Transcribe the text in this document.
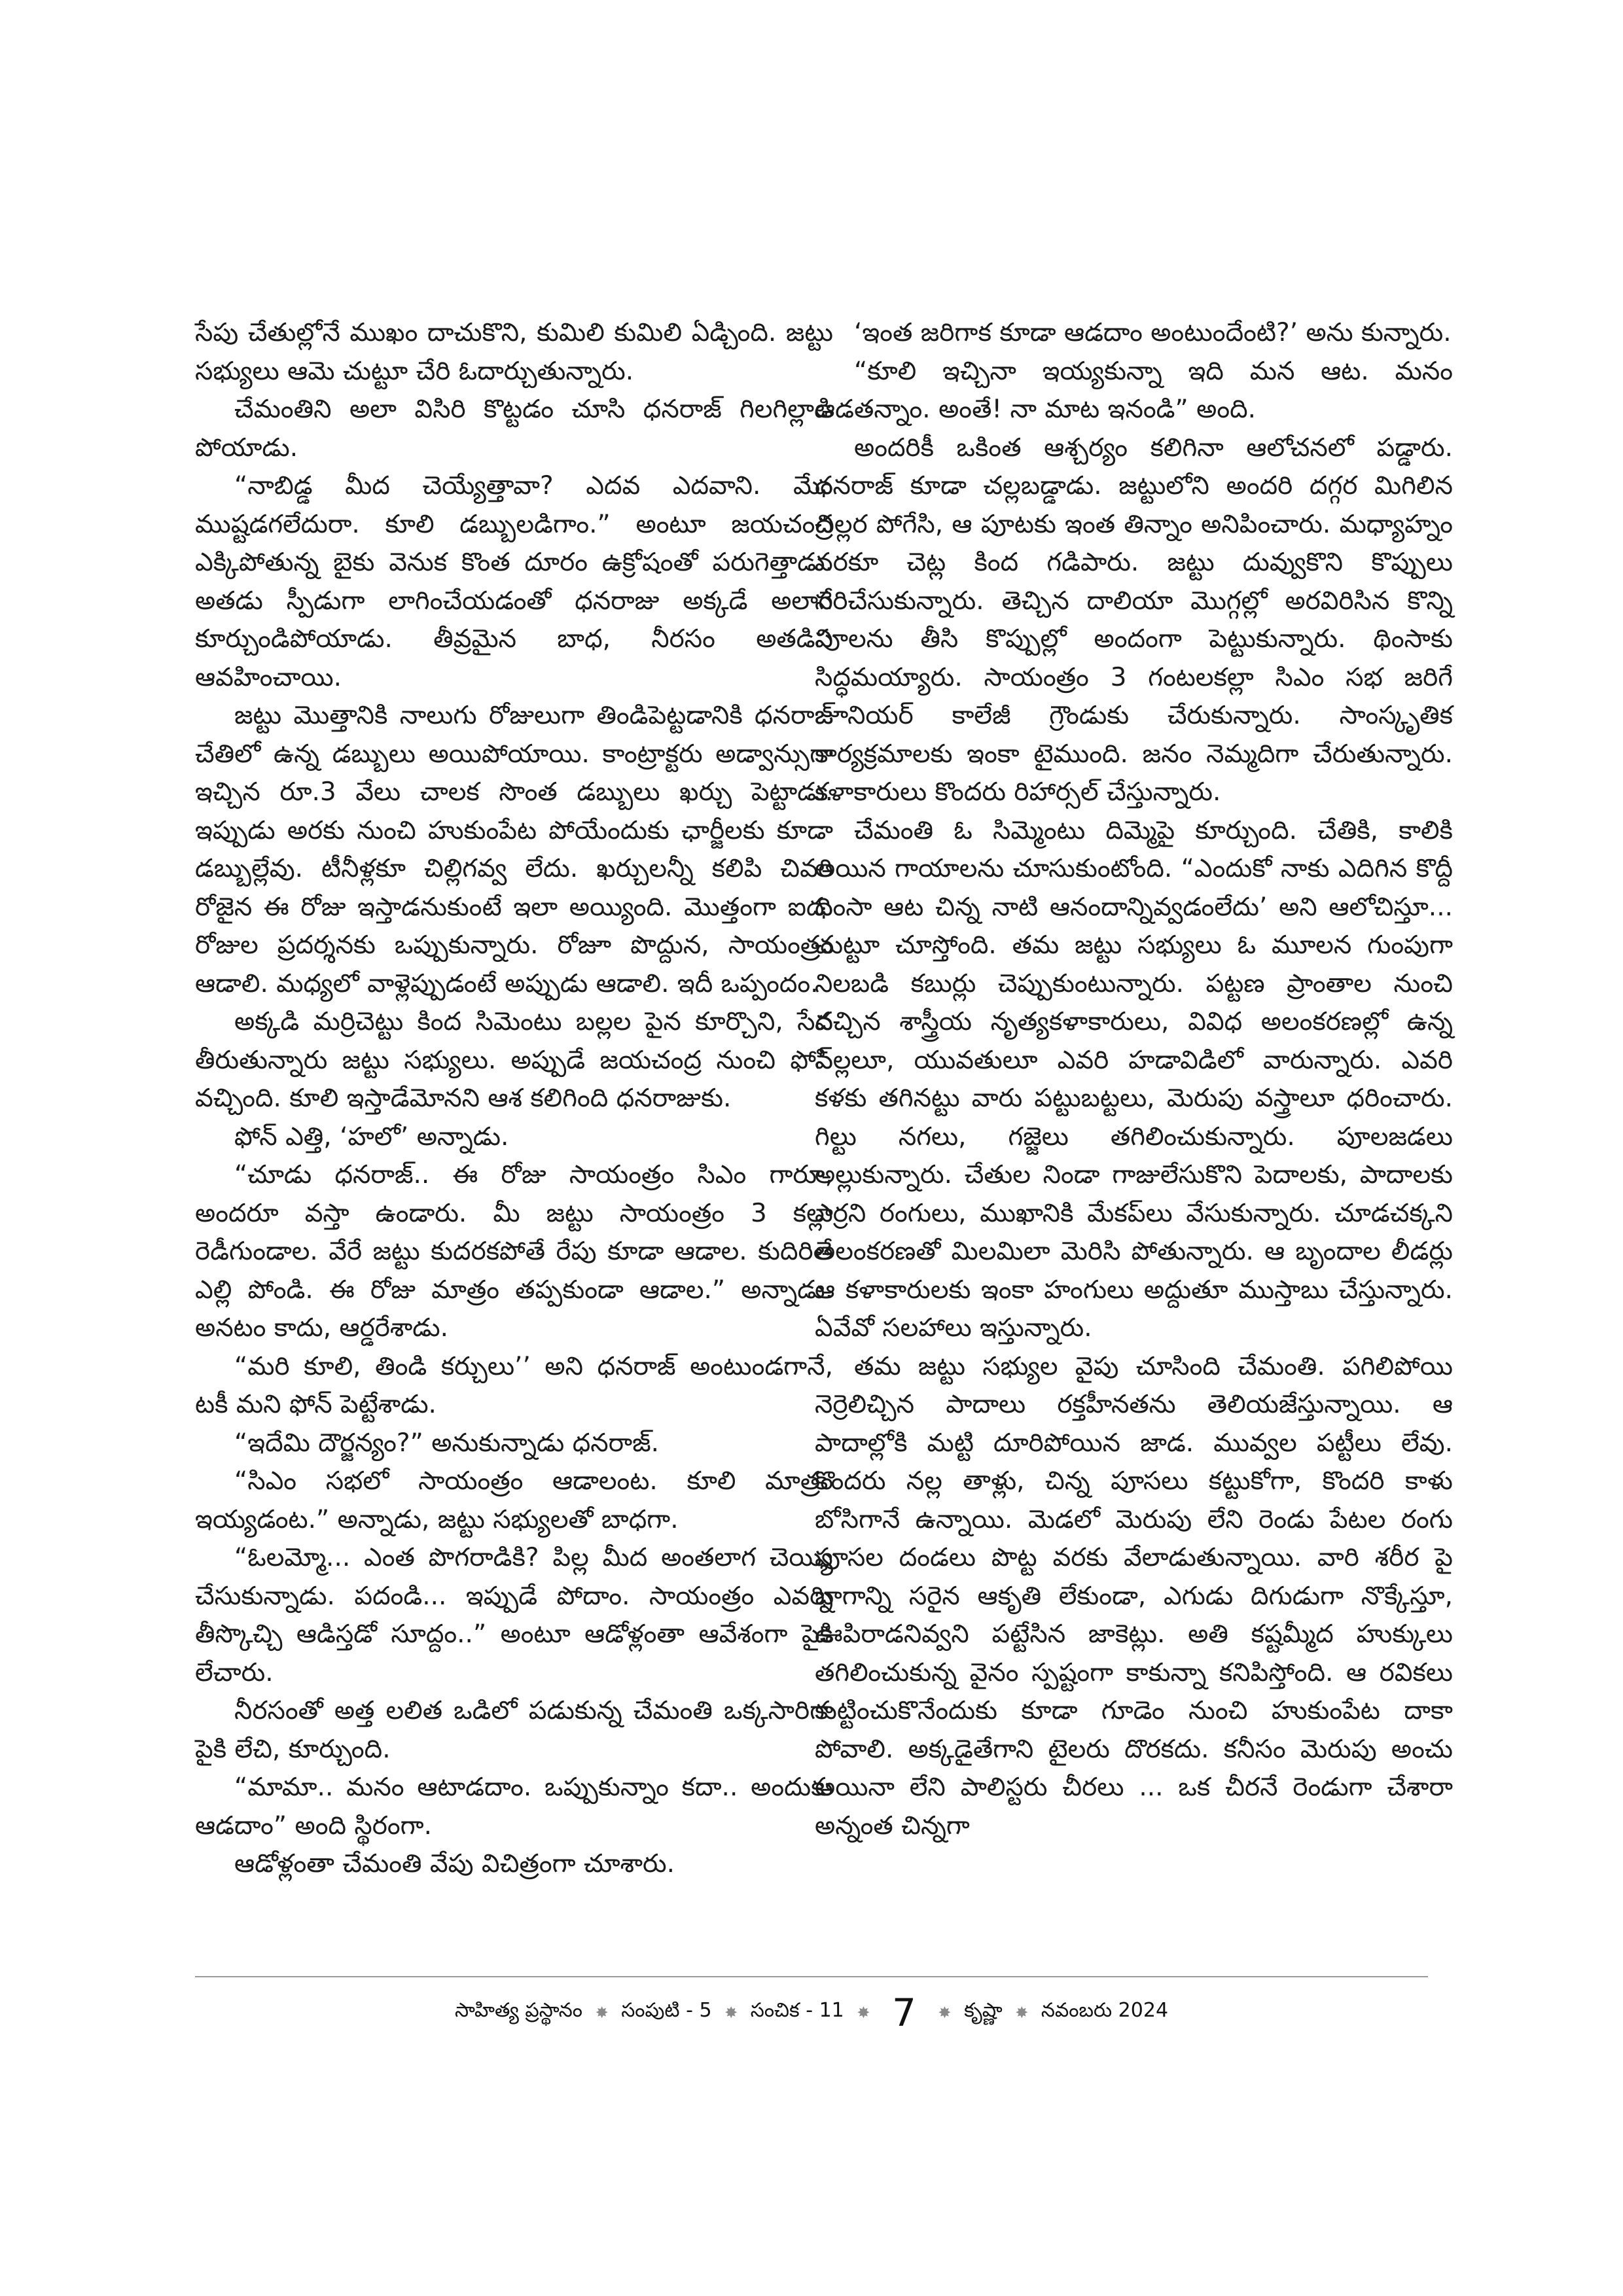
సేపు చేతుల్లోనే ముఖం దాచుకొని, కుమిలి కుమిలి ఏడ్చింది. జట్టు సభ్యులు ఆమె చుట్టూ చేరి ఓదార్చుతున్నారు.

చేమంతిని అలా విసిరి కొట్టడం చూసి ధనరాజ్ గిలగిల్లాడి పోయాడు.

“నాబిడ్డ మీద చెయ్యేత్తావా? ఎదవ ఎదవాని. మేం ముష్టడగలేదురా. కూలి డబ్బులడిగాం.” అంటూ జయచంద్ర ఎక్కిపోతున్న బైకు వెనుక కొంత దూరం ఉక్రోషంతో పరుగెత్తాడు. అతడు స్పీడుగా లాగించేయడంతో ధనరాజు అక్కడే అలాగే కూర్చుండిపోయాడు. తీవ్రమైన బాధ, నీరసం అతడిని ఆవహించాయి.

జట్టు మొత్తానికి నాలుగు రోజులుగా తిండిపెట్టడానికి ధనరాజ్ చేతిలో ఉన్న డబ్బులు అయిపోయాయి. కాంట్రాక్టరు అడ్వాన్సుగా ఇచ్చిన రూ.3 వేలు చాలక సొంత డబ్బులు ఖర్చు పెట్టాడు. ఇప్పుడు అరకు నుంచి హుకుంపేట పోయేందుకు ఛార్జీలకు కూడా డబ్బుల్లేవు. టీనీళ్లకూ చిల్లిగవ్వ లేదు. ఖర్చులన్నీ కలిపి చివరి రోజైన ఈ రోజు ఇస్తాడనుకుంటే ఇలా అయ్యింది. మొత్తంగా ఐదు రోజుల ప్రదర్శనకు ఒప్పుకున్నారు. రోజూ పొద్దున, సాయంత్రం ఆడాలి. మధ్యలో వాళ్లెప్పుడంటే అప్పుడు ఆడాలి. ఇదీ ఒప్పందం.

అక్కడి మర్రిచెట్టు కింద సిమెంటు బల్లల పైన కూర్చొని, సేద తీరుతున్నారు జట్టు సభ్యులు. అప్పుడే జయచంద్ర నుంచి ఫోన్ వచ్చింది. కూలి ఇస్తాడేమోనని ఆశ కలిగింది ధనరాజుకు.

ఫోన్ ఎత్తి, ‘హలో’ అన్నాడు.

“చూడు ధనరాజ్.. ఈ రోజు సాయంత్రం సిఎం గారూ, అందరూ వస్తా ఉండారు. మీ జట్టు సాయంత్రం 3 కల్లా రెడీగుండాల. వేరే జట్టు కుదరకపోతే రేపు కూడా ఆడాల. కుదిరితే ఎల్లి పోండి. ఈ రోజు మాత్రం తప్పకుండా ఆడాల.” అన్నాడు. అనటం కాదు, ఆర్డరేశాడు.

“మరి కూలి, తిండి కర్చులు’’ అని ధనరాజ్ అంటుండగానే, టకీ మని ఫోన్ పెట్టేశాడు.

“ఇదేమి దౌర్జన్యం?” అనుకున్నాడు ధనరాజ్.

“సిఎం సభలో సాయంత్రం ఆడాలంట. కూలి మాత్రం ఇయ్యడంట.” అన్నాడు, జట్టు సభ్యులతో బాధగా.

“ఓలమ్మో... ఎంత పొగరాడికి? పిల్ల మీద అంతలాగ చెయ్యి చేసుకున్నాడు. పదండి... ఇప్పుడే పోదాం. సాయంత్రం ఎవర్ని తీస్కొచ్చి ఆడిస్తడో సూద్దం..” అంటూ ఆడోళ్లంతా ఆవేశంగా పైకి లేచారు.

నీరసంతో అత్త లలిత ఒడిలో పడుకున్న చేమంతి ఒక్కసారిగా పైకి లేచి, కూర్చుంది.

“మామా.. మనం ఆటాడదాం. ఒప్పుకున్నాం కదా.. అందుకు ఆడదాం” అంది స్థిరంగా.

ఆడోళ్లంతా చేమంతి వేపు విచిత్రంగా చూశారు.

‘ఇంత జరిగాక కూడా ఆడదాం అంటుందేంటి?’ అను కున్నారు.

“కూలి ఇచ్చినా ఇయ్యకున్నా ఇది మన ఆట. మనం ఆడతన్నాం. అంతే! నా మాట ఇనండి” అంది.

అందరికీ ఒకింత ఆశ్చర్యం కలిగినా ఆలోచనలో పడ్డారు. ధనరాజ్ కూడా చల్లబడ్డాడు. జట్టులోని అందరి దగ్గర మిగిలిన చిల్లర పోగేసి, ఆ పూటకు ఇంత తిన్నాం అనిపించారు. మధ్యాహ్నం వరకూ చెట్ల కింద గడిపారు. జట్టు దువ్వుకొని కొప్పులు సరిచేసుకున్నారు. తెచ్చిన దాలియా మొగ్గల్లో అరవిరిసిన కొన్ని పూలను తీసి కొప్పుల్లో అందంగా పెట్టుకున్నారు. థింసాకు సిద్ధమయ్యారు. సాయంత్రం 3 గంటలకల్లా సిఎం సభ జరిగే జూనియర్ కాలేజీ గ్రౌండుకు చేరుకున్నారు. సాంస్కృతిక కార్యక్రమాలకు ఇంకా టైముంది. జనం నెమ్మదిగా చేరుతున్నారు. కళాకారులు కొందరు రిహార్సల్ చేస్తున్నారు.

చేమంతి ఓ సిమ్మెంటు దిమ్మెపై కూర్చుంది. చేతికి, కాలికి అయిన గాయాలను చూసుకుంటోంది. “ఎందుకో నాకు ఎదిగిన కొద్దీ థింసా ఆట చిన్న నాటి ఆనందాన్నివ్వడంలేదు’ అని ఆలోచిస్తూ... చుట్టూ చూస్తోంది. తమ జట్టు సభ్యులు ఓ మూలన గుంపుగా నిలబడి కబుర్లు చెప్పుకుంటున్నారు. పట్టణ ప్రాంతాల నుంచి వచ్చిన శాస్త్రీయ నృత్యకళాకారులు, వివిధ అలంకరణల్లో ఉన్న పిల్లలూ, యువతులూ ఎవరి హడావిడిలో వారున్నారు. ఎవరి కళకు తగినట్టు వారు పట్టుబట్టలు, మెరుపు వస్త్రాలూ ధరించారు. గిల్టు నగలు, గజ్జెలు తగిలించుకున్నారు. పూలజడలు అల్లుకున్నారు. చేతుల నిండా గాజులేసుకొని పెదాలకు, పాదాలకు ఎర్రని రంగులు, ముఖానికి మేకప్‌లు వేసుకున్నారు. చూడచక్కని అలంకరణతో మిలమిలా మెరిసి పోతున్నారు. ఆ బృందాల లీడర్లు ఆ కళాకారులకు ఇంకా హంగులు అద్దుతూ ముస్తాబు చేస్తున్నారు. ఏవేవో సలహాలు ఇస్తున్నారు.

తమ జట్టు సభ్యుల వైపు చూసింది చేమంతి. పగిలిపోయి నెర్రెలిచ్చిన పాదాలు రక్తహీనతను తెలియజేస్తున్నాయి. ఆ పాదాల్లోకి మట్టి దూరిపోయిన జాడ. మువ్వల పట్టీలు లేవు. కొందరు నల్ల తాళ్లు, చిన్న పూసలు కట్టుకోగా, కొందరి కాళు బోసిగానే ఉన్నాయి. మెడలో మెరుపు లేని రెండు పేటల రంగు పూసల దండలు పొట్ట వరకు వేలాడుతున్నాయి. వారి శరీర పై భాగాన్ని సరైన ఆకృతి లేకుండా, ఎగుడు దిగుడుగా నొక్కేస్తూ, ఊపిరాడనివ్వని పట్టేసిన జాకెట్లు. అతి కష్టమ్మీద హుక్కులు తగిలించుకున్న వైనం స్పష్టంగా కాకున్నా కనిపిస్తోంది. ఆ రవికలు కుట్టించుకొనేందుకు కూడా గూడెం నుంచి హుకుంపేట దాకా పోవాలి. అక్కడైతేగాని టైలరు దొరకదు. కనీసం మెరుపు అంచు అయినా లేని పాలిస్టరు చీరలు ... ఒక చీరనే రెండుగా చేశారా అన్నంత చిన్నగా

సాహిత్య ప్రస్థానం ✸ సంపుటి - 5 ✸ సంచిక - 11 ✸ 7 ✸ కృష్ణా ✸ నవంబరు 2024
